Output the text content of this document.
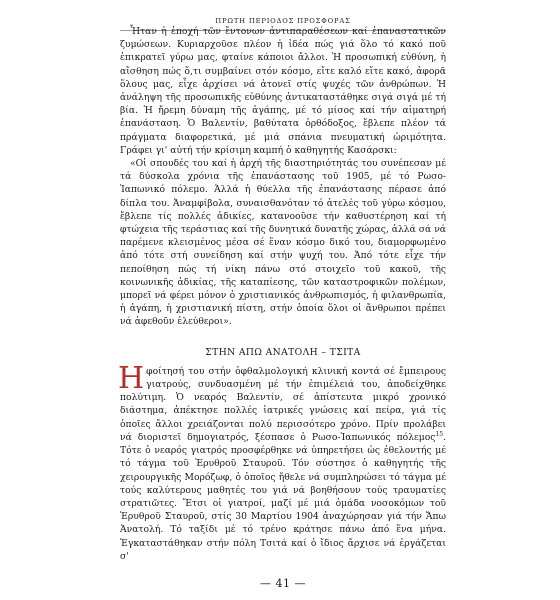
ΠΡΩΤΗ ΠΕΡΙΟΔΟΣ ΠΡΟΣΦΟΡΑΣ

Ἦταν ἡ ἐποχή τῶν ἔντονων ἀντιπαραθέσεων καί ἐπαναστατικῶν ζυμώσεων. Κυριαρχοῦσε πλέον ἡ ἰδέα πώς γιά ὅλο τό κακό ποῦ ἐπικρατεῖ γύρω μας, φταίνε κάποιοι ἄλλοι. Ἡ προσωπική εὐθύνη, ἡ αἴσθηση πώς ὅ,τι συμβαίνει στόν κόσμο, εἴτε καλό εἴτε κακό, ἀφορᾶ ὅλους μας, εἶχε ἀρχίσει νά ἀτονεῖ στίς ψυχές τῶν ἀνθρώπων. Ἡ ἀνάληψη τῆς προσωπικῆς εὐθύνης ἀντικαταστάθηκε σιγά σιγά μέ τή βία. Ἡ ἤρεμη δύναμη τῆς ἀγάπης, μέ τό μίσος καί τήν αἱματηρή ἐπανάσταση. Ὁ Βαλεντίν, βαθύτατα ὀρθόδοξος, ἔβλεπε πλέον τά πράγματα διαφορετικά, μέ μιά σπάνια πνευματική ὡριμότητα. Γράφει γι' αὐτή τήν κρίσιμη καμπή ὁ καθηγητής Κασάρσκι:

«Οἱ σπουδές του καί ἡ ἀρχή τῆς διαστηριότητάς του συνέπεσαν μέ τά δύσκολα χρόνια τῆς ἐπανάστασης τοῦ 1905, μέ τό Ρωσο-Ἰαπωνικό πόλεμο. Ἀλλά ἡ θύελλα τῆς ἐπανάστασης πέρασε ἀπό δίπλα του. Ἀναμφίβολα, συναισθανόταν τό ἀτελές τοῦ γύρω κόσμου, ἔβλεπε τίς πολλές ἀδικίες, κατανοοῦσε τήν καθυστέρηση καί τή φτώχεια τῆς τεράστιας καί τῆς δυνητικά δυνατῆς χώρας, ἀλλά σά νά παρέμενε κλεισμένος μέσα σέ ἕναν κόσμο δικό του, διαμορφωμένο ἀπό τότε στή συνείδηση καί στήν ψυχή του. Ἀπό τότε εἶχε τήν πεποίθηση πώς τή νίκη πάνω στό στοιχεῖο τοῦ κακοῦ, τῆς κοινωνικῆς ἀδικίας, τῆς καταπίεσης, τῶν καταστροφικῶν πολέμων, μπορεῖ νά φέρει μόνον ὁ χριστιανικός ἀνθρωπισμός, ἡ φιλανθρωπία, ἡ ἀγάπη, ἡ χριστιανική πίστη, στήν ὁποία ὅλοι οἱ ἄνθρωποι πρέπει νά ἀφεθοῦν ἐλεύθεροι».

ΣΤΗΝ ΑΠΩ ΑΝΑΤΟΛΗ – ΤΣΙΤΑ

Η φοίτησή του στήν ὀφθαλμολογική κλινική κοντά σέ ἔμπειρους γιατρούς, συνδυασμένη μέ τήν ἐπιμέλειά του, ἀποδείχθηκε πολύτιμη. Ὁ νεαρός Βαλεντίν, σέ ἀπίστευτα μικρό χρονικό διάστημα, ἀπέκτησε πολλές ἰατρικές γνώσεις καί πείρα, γιά τίς ὁποῖες ἄλλοι χρειάζονται πολύ περισσότερο χρόνο. Πρίν προλάβει νά διοριστεῖ δημογιατρός, ξέσπασε ὁ Ρωσο-Ἰαπωνικός πόλεμος$^{15}$. Τότε ὁ νεαρός γιατρός προσφέρθηκε νά ὑπηρετήσει ὡς ἐθελοντής μέ τό τάγμα τοῦ Ἐρυθροῦ Σταυροῦ. Τόν σύστησε ὁ καθηγητής τῆς χειρουργικῆς Μορόζωφ, ὁ ὁποῖος ἤθελε νά συμπληρώσει τό τάγμα μέ τούς καλύτερους μαθητές του γιά νά βοηθήσουν τούς τραυματίες στρατιῶτες. Ἔτσι οἱ γιατροί, μαζί μέ μιά ὁμάδα νοσοκόμων τοῦ Ἐρυθροῦ Σταυροῦ, στίς 30 Μαρτίου 1904 ἀναχώρησαν γιά τήν Ἄπω Ἀνατολή. Τό ταξίδι μέ τό τρένο κράτησε πάνω ἀπό ἕνα μήνα. Ἐγκαταστάθηκαν στήν πόλη Τσιτά καί ὁ ἴδιος ἄρχισε νά ἐργάζεται σ'

— 41 —
